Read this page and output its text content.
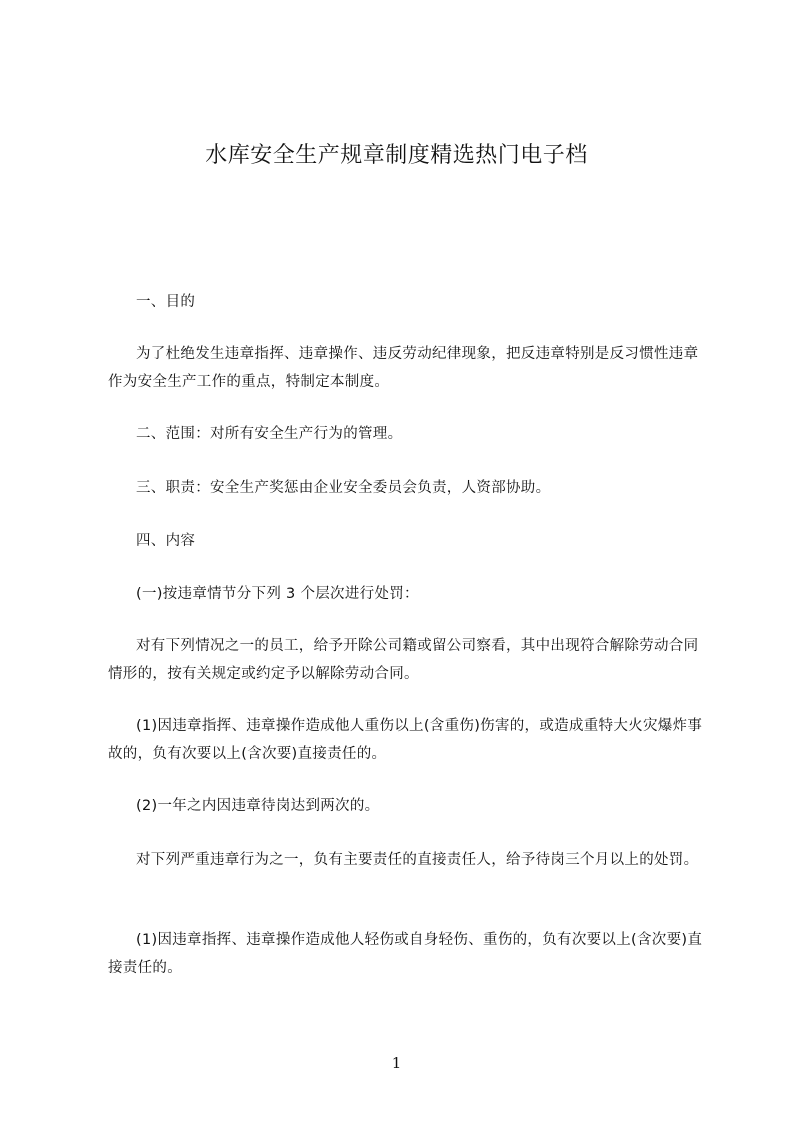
水库安全生产规章制度精选热门电子档
一、目的
为了杜绝发生违章指挥、违章操作、违反劳动纪律现象，把反违章特别是反习惯性违章作为安全生产工作的重点，特制定本制度。
二、范围：对所有安全生产行为的管理。
三、职责：安全生产奖惩由企业安全委员会负责，人资部协助。
四、内容
(一)按违章情节分下列 3 个层次进行处罚：
对有下列情况之一的员工，给予开除公司籍或留公司察看，其中出现符合解除劳动合同情形的，按有关规定或约定予以解除劳动合同。
(1)因违章指挥、违章操作造成他人重伤以上(含重伤)伤害的，或造成重特大火灾爆炸事故的，负有次要以上(含次要)直接责任的。
(2)一年之内因违章待岗达到两次的。
对下列严重违章行为之一，负有主要责任的直接责任人，给予待岗三个月以上的处罚。
(1)因违章指挥、违章操作造成他人轻伤或自身轻伤、重伤的，负有次要以上(含次要)直接责任的。
1
